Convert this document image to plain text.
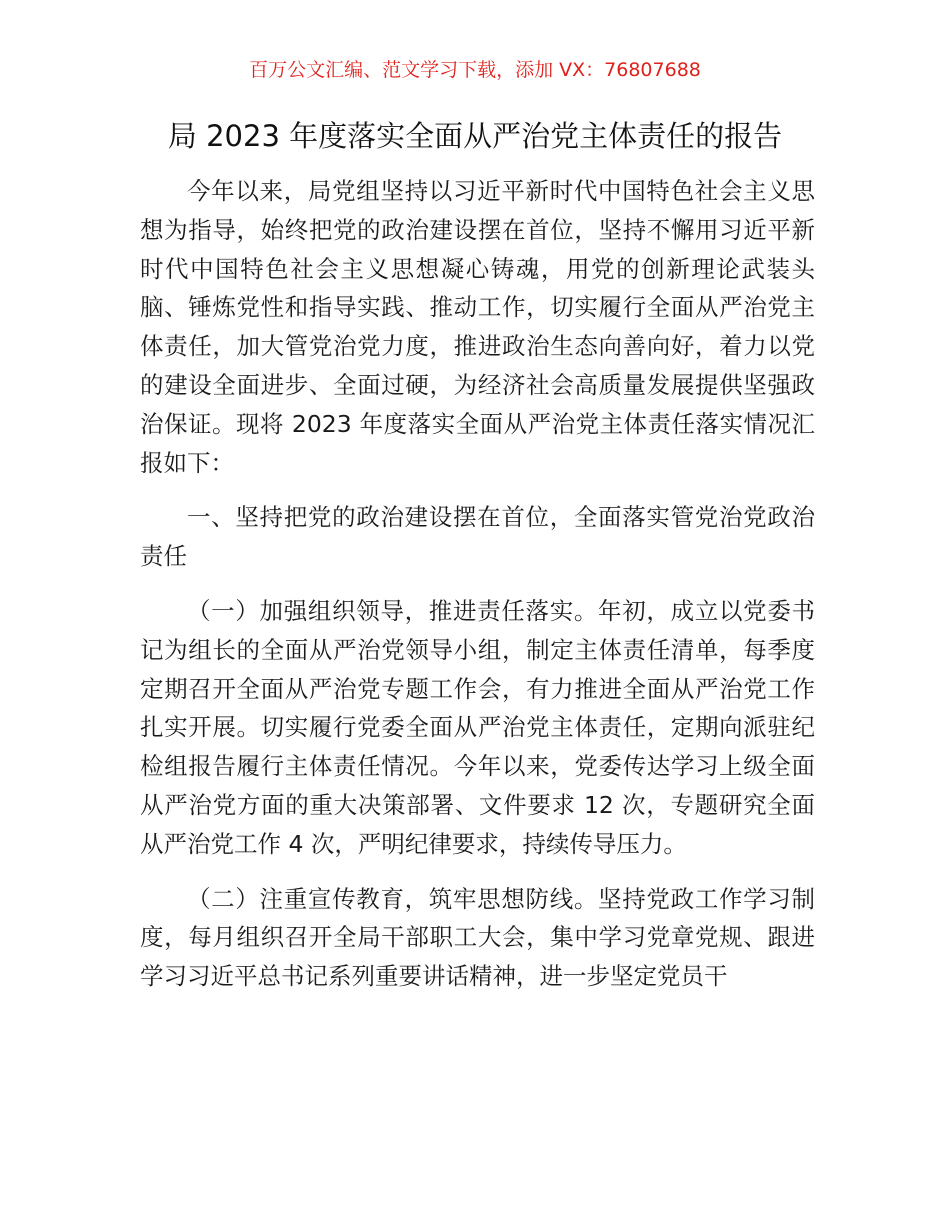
百万公文汇编、范文学习下载，添加 VX：76807688
局 2023 年度落实全面从严治党主体责任的报告

今年以来，局党组坚持以习近平新时代中国特色社会主义思想为指导，始终把党的政治建设摆在首位，坚持不懈用习近平新时代中国特色社会主义思想凝心铸魂，用党的创新理论武装头脑、锤炼党性和指导实践、推动工作，切实履行全面从严治党主体责任，加大管党治党力度，推进政治生态向善向好，着力以党的建设全面进步、全面过硬，为经济社会高质量发展提供坚强政治保证。现将 2023 年度落实全面从严治党主体责任落实情况汇报如下：

一、坚持把党的政治建设摆在首位，全面落实管党治党政治责任

（一）加强组织领导，推进责任落实。年初，成立以党委书记为组长的全面从严治党领导小组，制定主体责任清单，每季度定期召开全面从严治党专题工作会，有力推进全面从严治党工作扎实开展。切实履行党委全面从严治党主体责任，定期向派驻纪检组报告履行主体责任情况。今年以来，党委传达学习上级全面从严治党方面的重大决策部署、文件要求 12 次，专题研究全面从严治党工作 4 次，严明纪律要求，持续传导压力。

（二）注重宣传教育，筑牢思想防线。坚持党政工作学习制度，每月组织召开全局干部职工大会，集中学习党章党规、跟进学习习近平总书记系列重要讲话精神，进一步坚定党员干
